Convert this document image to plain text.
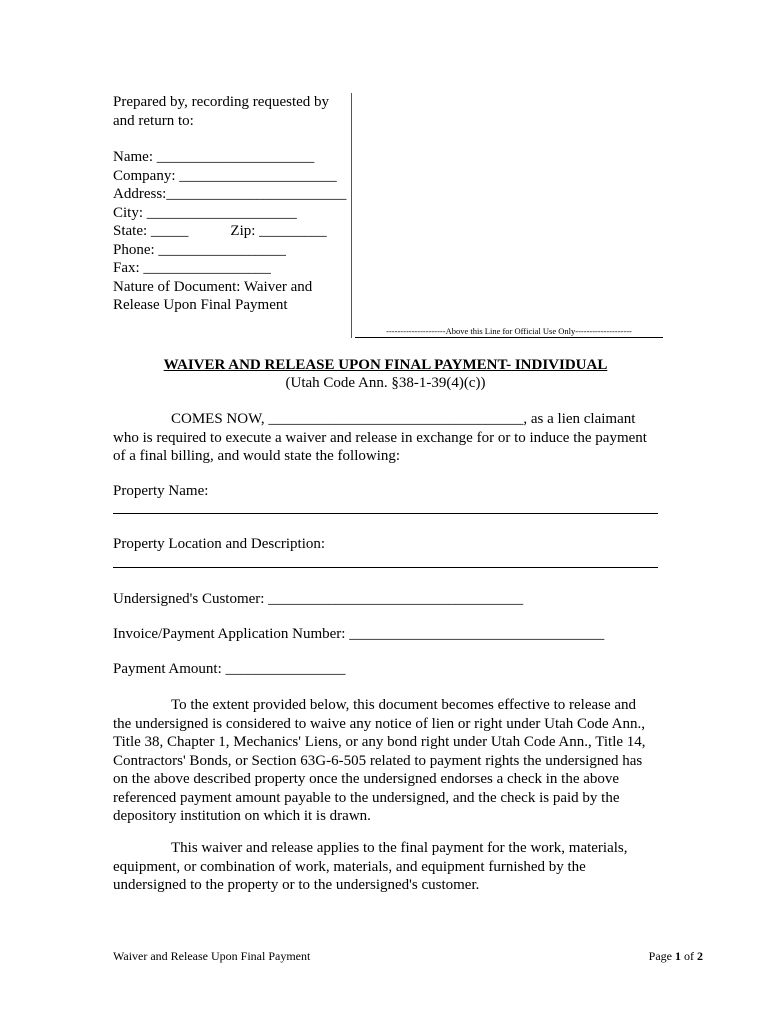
Prepared by, recording requested by and return to:

Name: _____________________

Company: _____________________

Address:________________________

City: ____________________

State: _____	Zip: _________

Phone: _________________

Fax: _________________

Nature of Document: Waiver and Release Upon Final Payment

---------------------Above this Line for Official Use Only--------------------
WAIVER AND RELEASE UPON FINAL PAYMENT- INDIVIDUAL
(Utah Code Ann. §38-1-39(4)(c))
COMES NOW, __________________________________, as a lien claimant who is required to execute a waiver and release in exchange for or to induce the payment of a final billing, and would state the following:
Property Name:
Property Location and Description:
Undersigned's Customer: __________________________________
Invoice/Payment Application Number: __________________________________
Payment Amount: ________________
To the extent provided below, this document becomes effective to release and the undersigned is considered to waive any notice of lien or right under Utah Code Ann., Title 38, Chapter 1, Mechanics' Liens, or any bond right under Utah Code Ann., Title 14, Contractors' Bonds, or Section 63G-6-505 related to payment rights the undersigned has on the above described property once the undersigned endorses a check in the above referenced payment amount payable to the undersigned, and the check is paid by the depository institution on which it is drawn.
This waiver and release applies to the final payment for the work, materials, equipment, or combination of work, materials, and equipment furnished by the undersigned to the property or to the undersigned's customer.
Waiver and Release Upon Final Payment	Page 1 of 2
